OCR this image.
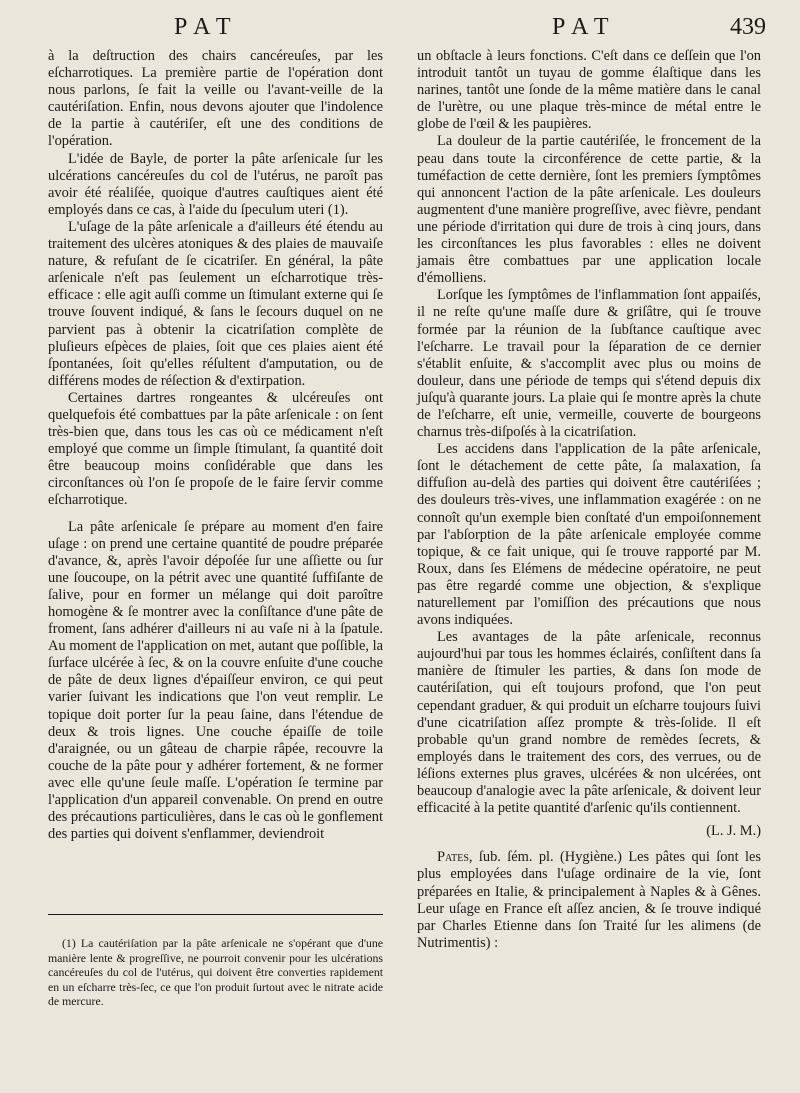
PAT	PAT	439

à la deſtruction des chairs cancéreuſes, par les eſcharrotiques. La première partie de l'opération dont nous parlons, ſe fait la veille ou l'avant-veille de la cautériſation. Enfin, nous devons ajouter que l'indolence de la partie à cautériſer, eſt une des conditions de l'opération.

L'idée de Bayle, de porter la pâte arſenicale ſur les ulcérations cancéreuſes du col de l'utérus, ne paroît pas avoir été réaliſée, quoique d'autres cauſtiques aient été employés dans ce cas, à l'aide du ſpeculum uteri (1).

L'uſage de la pâte arſenicale a d'ailleurs été étendu au traitement des ulcères atoniques & des plaies de mauvaiſe nature, & refuſant de ſe cicatriſer. En général, la pâte arſenicale n'eſt pas ſeulement un eſcharrotique très-efficace : elle agit auſſi comme un ſtimulant externe qui ſe trouve ſouvent indiqué, & ſans le ſecours duquel on ne parvient pas à obtenir la cicatriſation complète de pluſieurs eſpèces de plaies, ſoit que ces plaies aient été ſpontanées, ſoit qu'elles réſultent d'amputation, ou de différens modes de réſection & d'extirpation.

Certaines dartres rongeantes & ulcéreuſes ont quelquefois été combattues par la pâte arſenicale : on ſent très-bien que, dans tous les cas où ce médicament n'eſt employé que comme un ſimple ſtimulant, ſa quantité doit être beaucoup moins conſidérable que dans les circonſtances où l'on ſe propoſe de le faire ſervir comme eſcharrotique.

La pâte arſenicale ſe prépare au moment d'en faire uſage : on prend une certaine quantité de poudre préparée d'avance, &, après l'avoir dépoſée ſur une aſſiette ou ſur une ſoucoupe, on la pétrit avec une quantité ſuffiſante de ſalive, pour en former un mélange qui doit paroître homogène & ſe montrer avec la conſiſtance d'une pâte de froment, ſans adhérer d'ailleurs ni au vaſe ni à la ſpatule. Au moment de l'application on met, autant que poſſible, la ſurface ulcérée à ſec, & on la couvre enſuite d'une couche de pâte de deux lignes d'épaiſſeur environ, ce qui peut varier ſuivant les indications que l'on veut remplir. Le topique doit porter ſur la peau ſaine, dans l'étendue de deux & trois lignes. Une couche épaiſſe de toile d'araignée, ou un gâteau de charpie râpée, recouvre la couche de la pâte pour y adhérer fortement, & ne former avec elle qu'une ſeule maſſe. L'opération ſe termine par l'application d'un appareil convenable. On prend en outre des précautions particulières, dans le cas où le gonflement des parties qui doivent s'enflammer, deviendroit

(1) La cautériſation par la pâte arſenicale ne s'opérant que d'une manière lente & progreſſive, ne pourroit convenir pour les ulcérations cancéreuſes du col de l'utérus, qui doivent être converties rapidement en un eſcharre très-ſec, ce que l'on produit ſurtout avec le nitrate acide de mercure.

un obſtacle à leurs fonctions. C'eſt dans ce deſſein que l'on introduit tantôt un tuyau de gomme élaſtique dans les narines, tantôt une ſonde de la même matière dans le canal de l'urètre, ou une plaque très-mince de métal entre le globe de l'œil & les paupières.

La douleur de la partie cautériſée, le froncement de la peau dans toute la circonférence de cette partie, & la tuméfaction de cette dernière, ſont les premiers ſymptômes qui annoncent l'action de la pâte arſenicale. Les douleurs augmentent d'une manière progreſſive, avec fièvre, pendant une période d'irritation qui dure de trois à cinq jours, dans les circonſtances les plus favorables : elles ne doivent jamais être combattues par une application locale d'émolliens.

Lorſque les ſymptômes de l'inflammation ſont appaiſés, il ne reſte qu'une maſſe dure & griſâtre, qui ſe trouve formée par la réunion de la ſubſtance cauſtique avec l'eſcharre. Le travail pour la ſéparation de ce dernier s'établit enſuite, & s'accomplit avec plus ou moins de douleur, dans une période de temps qui s'étend depuis dix juſqu'à quarante jours. La plaie qui ſe montre après la chute de l'eſcharre, eſt unie, vermeille, couverte de bourgeons charnus très-diſpoſés à la cicatriſation.

Les accidens dans l'application de la pâte arſenicale, ſont le détachement de cette pâte, ſa malaxation, ſa diffuſion au-delà des parties qui doivent être cautériſées ; des douleurs très-vives, une inflammation exagérée : on ne connoît qu'un exemple bien conſtaté d'un empoiſonnement par l'abſorption de la pâte arſenicale employée comme topique, & ce fait unique, qui ſe trouve rapporté par M. Roux, dans ſes Elémens de médecine opératoire, ne peut pas être regardé comme une objection, & s'explique naturellement par l'omiſſion des précautions que nous avons indiquées.

Les avantages de la pâte arſenicale, reconnus aujourd'hui par tous les hommes éclairés, conſiſtent dans ſa manière de ſtimuler les parties, & dans ſon mode de cautériſation, qui eſt toujours profond, que l'on peut cependant graduer, & qui produit un eſcharre toujours ſuivi d'une cicatriſation aſſez prompte & très-ſolide. Il eſt probable qu'un grand nombre de remèdes ſecrets, & employés dans le traitement des cors, des verrues, ou de léſions externes plus graves, ulcérées & non ulcérées, ont beaucoup d'analogie avec la pâte arſenicale, & doivent leur efficacité à la petite quantité d'arſenic qu'ils contiennent.

(L. J. M.)

Pates, ſub. ſém. pl. (Hygiène.) Les pâtes qui ſont les plus employées dans l'uſage ordinaire de la vie, ſont préparées en Italie, & principalement à Naples & à Gênes. Leur uſage en France eſt aſſez ancien, & ſe trouve indiqué par Charles Etienne dans ſon Traité ſur les alimens (de Nutrimentis) :
